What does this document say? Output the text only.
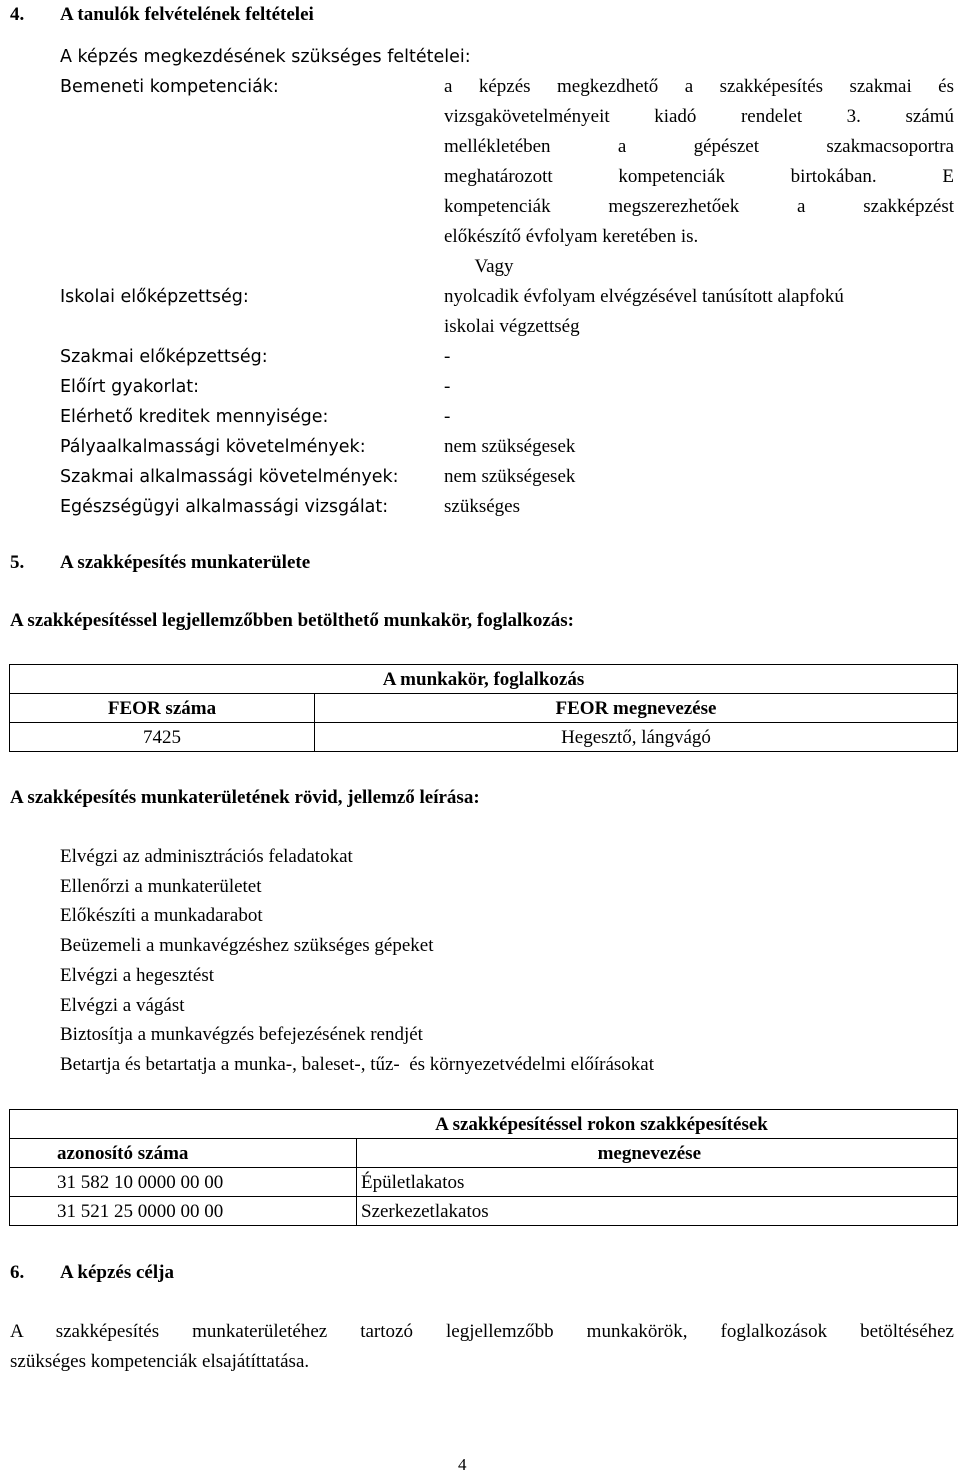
4. A tanulók felvételének feltételei
A képzés megkezdésének szükséges feltételei:
Bemeneti kompetenciák:	a képzés megkezdhető a szakképesítés szakmai és
vizsgakövetelményeit kiadó rendelet 3. számú
mellékletében a gépészet szakmacsoportra
meghatározott kompetenciák birtokában. E
kompetenciák megszerezhetőek a szakképzést
előkészítő évfolyam keretében is.
Vagy
Iskolai előképzettség:	nyolcadik évfolyam elvégzésével tanúsított alapfokú
iskolai végzettség
Szakmai előképzettség:	-
Előírt gyakorlat:	-
Elérhető kreditek mennyisége:	-
Pályaalkalmassági követelmények:	nem szükségesek
Szakmai alkalmassági követelmények: nem szükségesek
Egészségügyi alkalmassági vizsgálat:	szükséges
5. A szakképesítés munkaterülete
A szakképesítéssel legjellemzőbben betölthető munkakör, foglalkozás:
A munkakör, foglalkozás	
FEOR száma	FEOR megnevezése
7425	Hegesztő, lángvágó
A szakképesítés munkaterületének rövid, jellemző leírása:
Elvégzi az adminisztrációs feladatokat
Ellenőrzi a munkaterületet
Előkészíti a munkadarabot
Beüzemeli a munkavégzéshez szükséges gépeket
Elvégzi a hegesztést
Elvégzi a vágást
Biztosítja a munkavégzés befejezésének rendjét
Betartja és betartatja a munka-, baleset-, tűz-  és környezetvédelmi előírásokat
A szakképesítéssel rokon szakképesítések	
azonosító száma	megnevezése
31 582 10 0000 00 00	Épületlakatos
31 521 25 0000 00 00	Szerkezetlakatos
6. A képzés célja
A szakképesítés munkaterületéhez tartozó legjellemzőbb munkakörök, foglalkozások betöltéséhez
szükséges kompetenciák elsajátíttatása.
4
